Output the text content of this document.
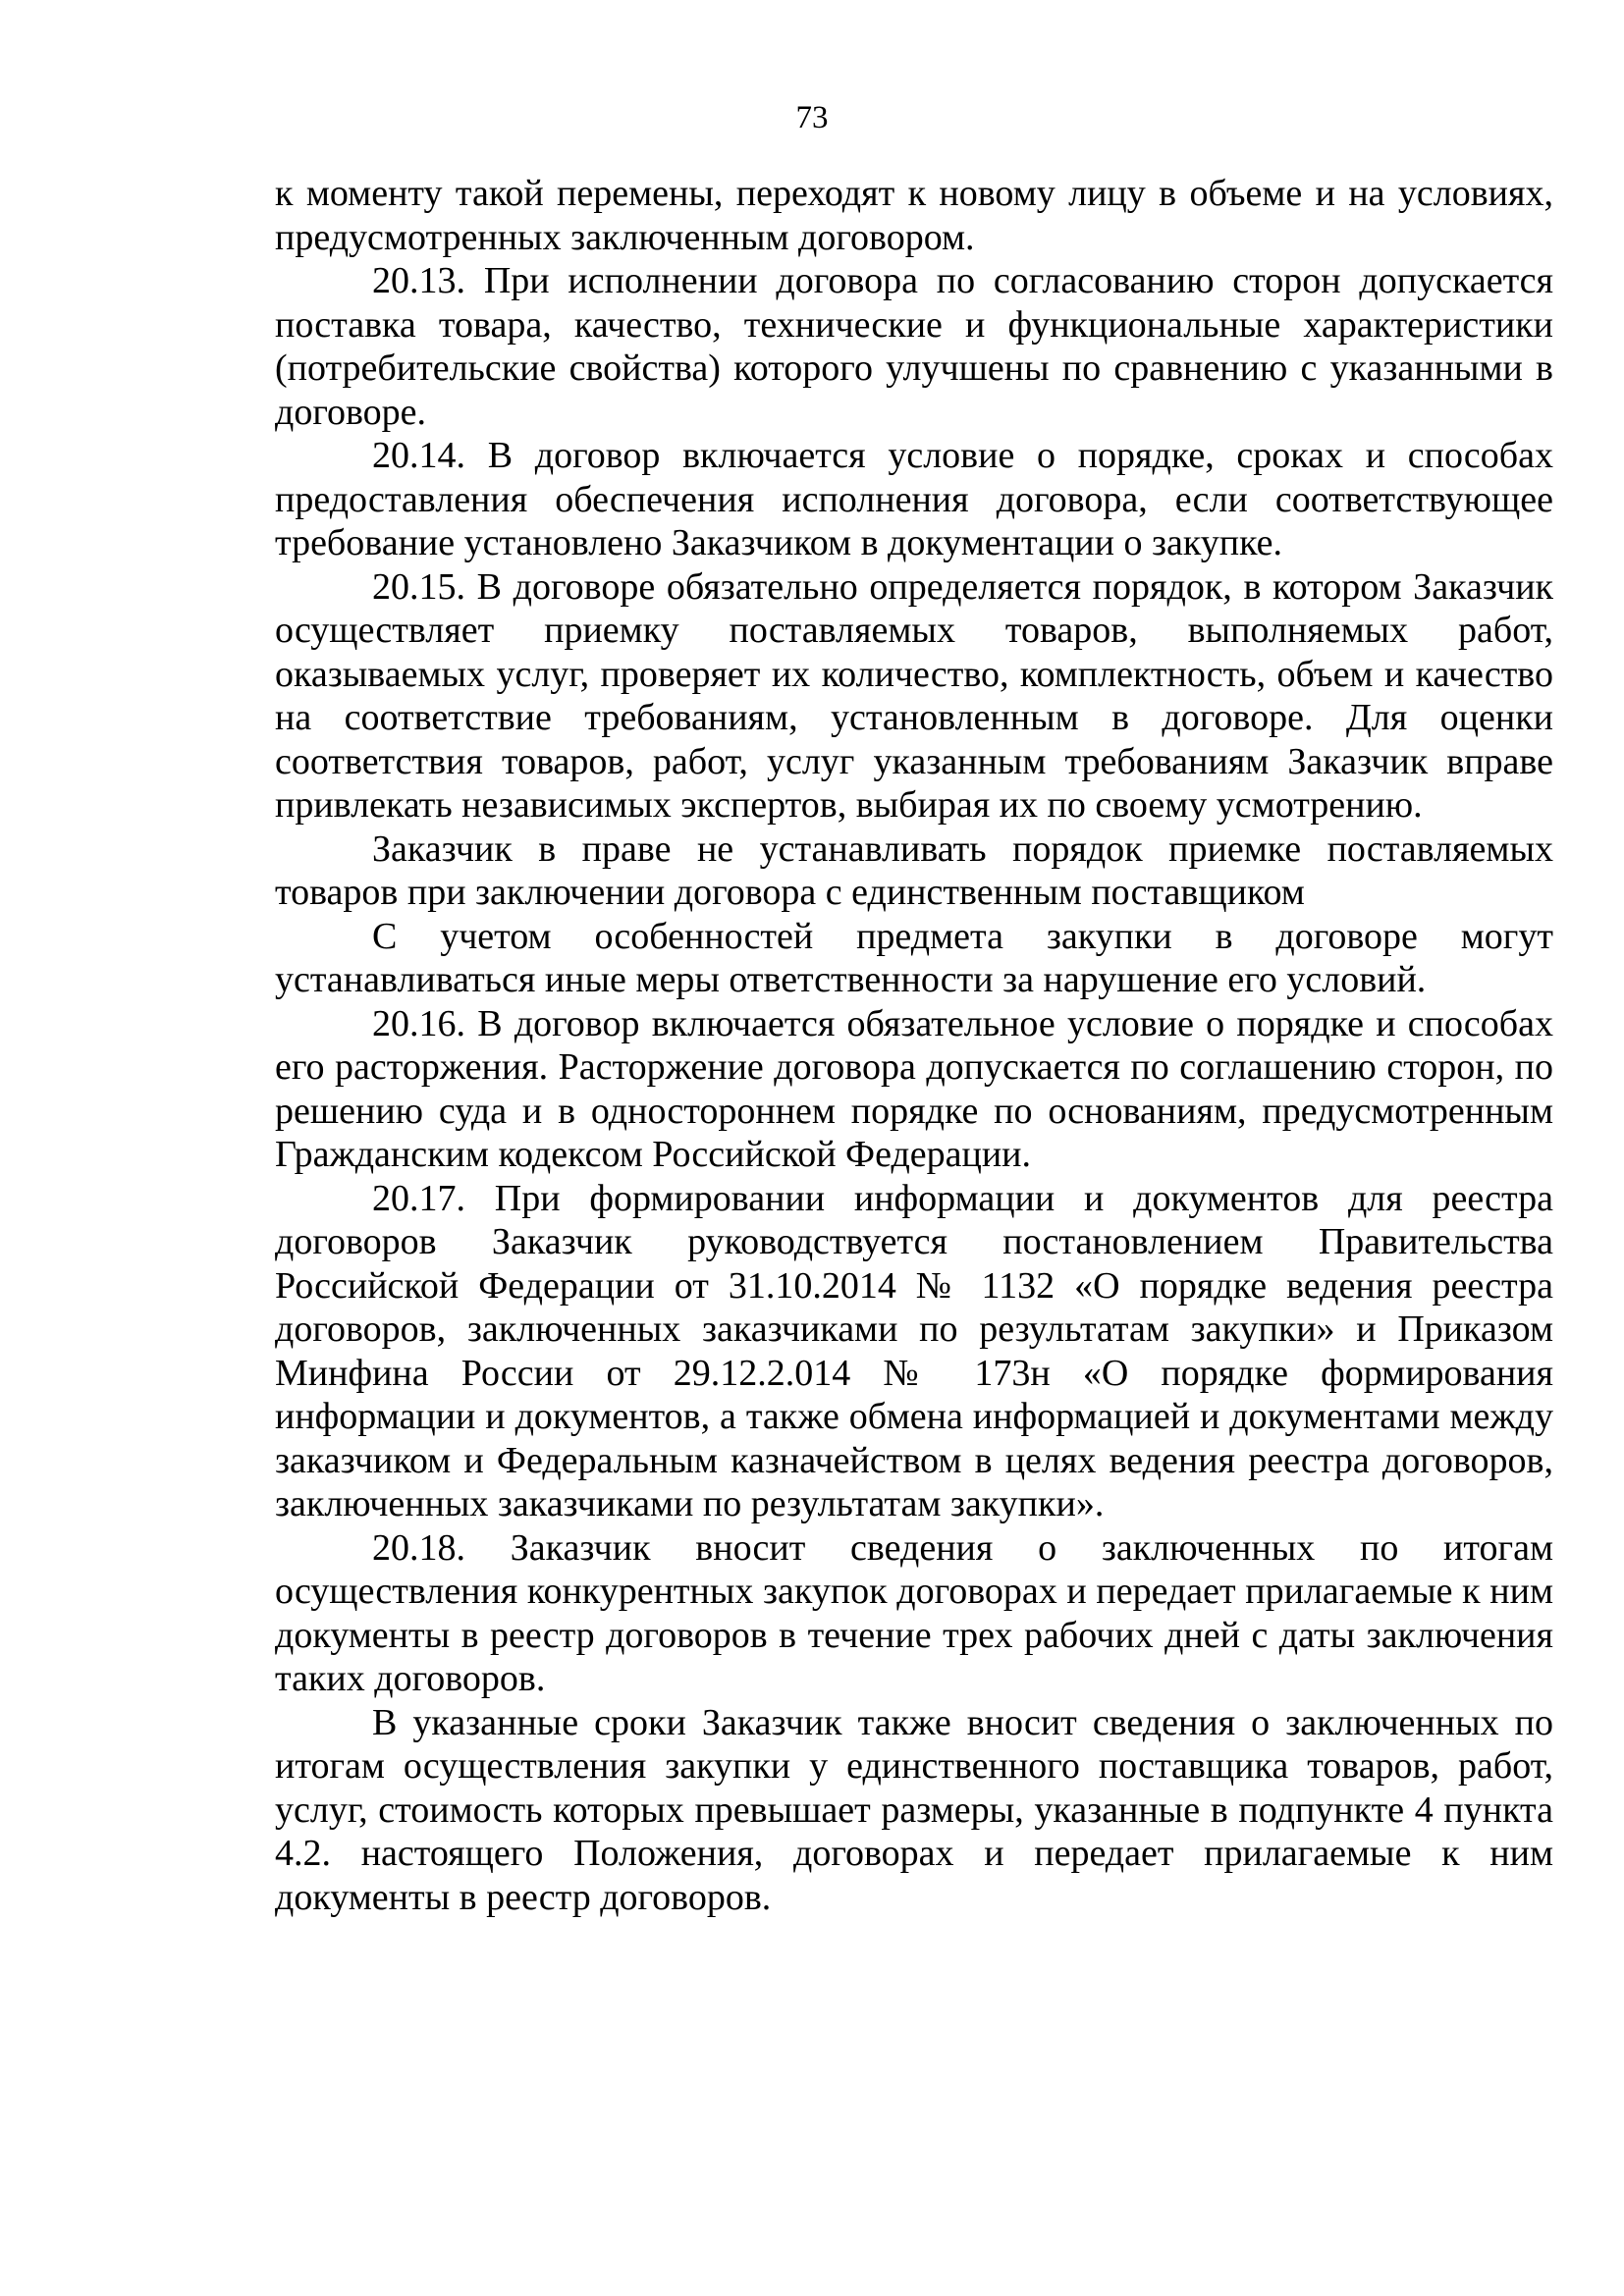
73

к моменту такой перемены, переходят к новому лицу в объеме и на условиях, предусмотренных заключенным договором.

20.13. При исполнении договора по согласованию сторон допускается поставка товара, качество, технические и функциональные характеристики (потребительские свойства) которого улучшены по сравнению с указанными в договоре.

20.14. В договор включается условие о порядке, сроках и способах предоставления обеспечения исполнения договора, если соответствующее требование установлено Заказчиком в документации о закупке.

20.15. В договоре обязательно определяется порядок, в котором Заказчик осуществляет приемку поставляемых товаров, выполняемых работ, оказываемых услуг, проверяет их количество, комплектность, объем и качество на соответствие требованиям, установленным в договоре. Для оценки соответствия товаров, работ, услуг указанным требованиям Заказчик вправе привлекать независимых экспертов, выбирая их по своему усмотрению.

Заказчик в праве не устанавливать порядок приемке поставляемых товаров при заключении договора с единственным поставщиком

С учетом особенностей предмета закупки в договоре могут устанавливаться иные меры ответственности за нарушение его условий.

20.16. В договор включается обязательное условие о порядке и способах его расторжения. Расторжение договора допускается по соглашению сторон, по решению суда и в одностороннем порядке по основаниям, предусмотренным Гражданским кодексом Российской Федерации.

20.17. При формировании информации и документов для реестра договоров Заказчик руководствуется постановлением Правительства Российской Федерации от 31.10.2014 № 1132 «О порядке ведения реестра договоров, заключенных заказчиками по результатам закупки» и Приказом Минфина России от 29.12.2.014 № 173н «О порядке формирования информации и документов, а также обмена информацией и документами между заказчиком и Федеральным казначейством в целях ведения реестра договоров, заключенных заказчиками по результатам закупки».

20.18. Заказчик вносит сведения о заключенных по итогам осуществления конкурентных закупок договорах и передает прилагаемые к ним документы в реестр договоров в течение трех рабочих дней с даты заключения таких договоров.

В указанные сроки Заказчик также вносит сведения о заключенных по итогам осуществления закупки у единственного поставщика товаров, работ, услуг, стоимость которых превышает размеры, указанные в подпункте 4 пункта 4.2. настоящего Положения, договорах и передает прилагаемые к ним документы в реестр договоров.
